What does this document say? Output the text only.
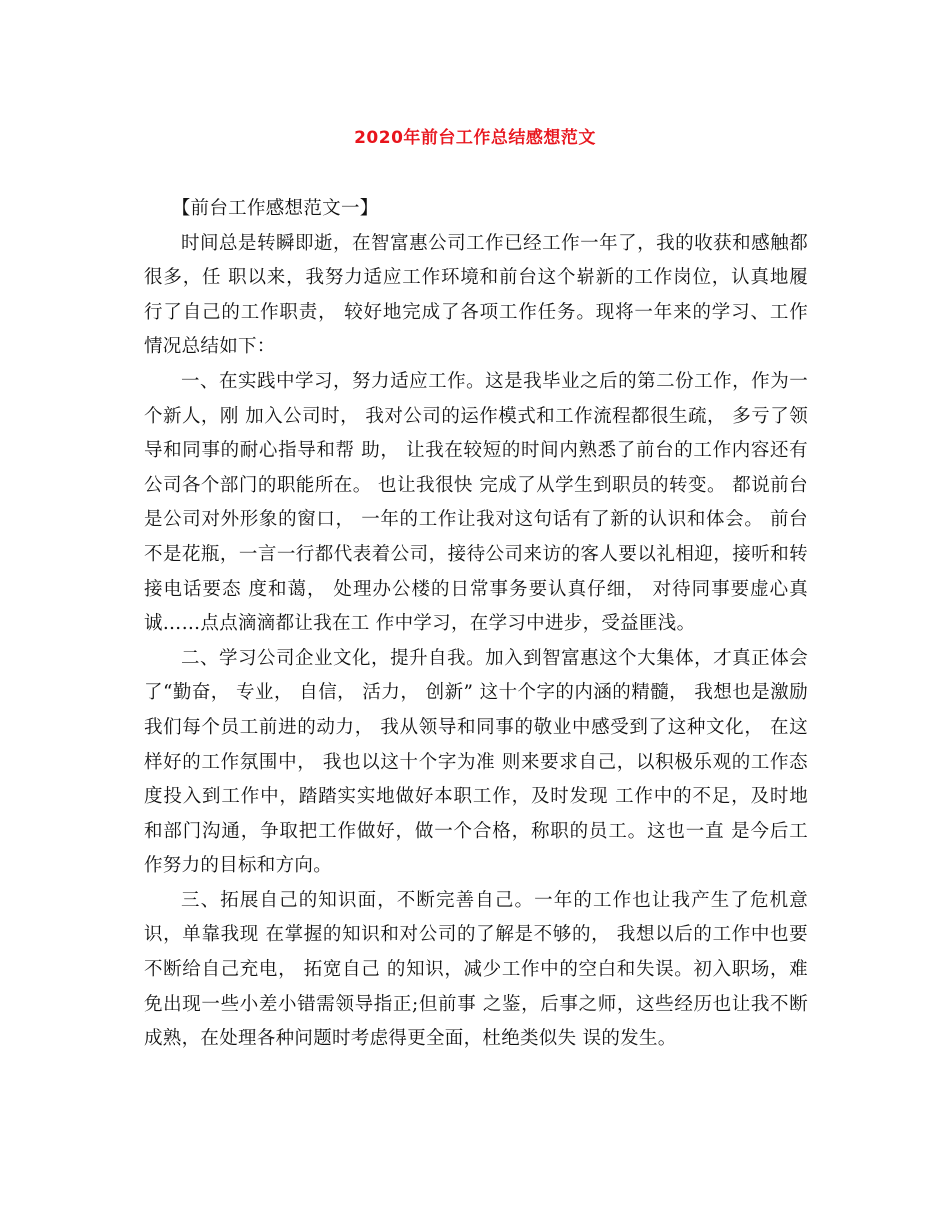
2020年前台工作总结感想范文

【前台工作感想范文一】

时间总是转瞬即逝，在智富惠公司工作已经工作一年了，我的收获和感触都很多，任 职以来，我努力适应工作环境和前台这个崭新的工作岗位，认真地履行了自己的工作职责， 较好地完成了各项工作任务。现将一年来的学习、工作情况总结如下：

一、在实践中学习，努力适应工作。这是我毕业之后的第二份工作，作为一个新人，刚 加入公司时， 我对公司的运作模式和工作流程都很生疏， 多亏了领导和同事的耐心指导和帮 助， 让我在较短的时间内熟悉了前台的工作内容还有公司各个部门的职能所在。 也让我很快 完成了从学生到职员的转变。 都说前台是公司对外形象的窗口， 一年的工作让我对这句话有了新的认识和体会。 前台不是花瓶，一言一行都代表着公司，接待公司来访的客人要以礼相迎，接听和转接电话要态 度和蔼， 处理办公楼的日常事务要认真仔细， 对待同事要虚心真诚……点点滴滴都让我在工 作中学习，在学习中进步，受益匪浅。

二、学习公司企业文化，提升自我。加入到智富惠这个大集体，才真正体会了“勤奋， 专业， 自信， 活力， 创新” 这十个字的内涵的精髓， 我想也是激励我们每个员工前进的动力， 我从领导和同事的敬业中感受到了这种文化， 在这样好的工作氛围中， 我也以这十个字为准 则来要求自己，以积极乐观的工作态度投入到工作中，踏踏实实地做好本职工作，及时发现 工作中的不足，及时地和部门沟通，争取把工作做好，做一个合格，称职的员工。这也一直 是今后工作努力的目标和方向。

三、拓展自己的知识面，不断完善自己。一年的工作也让我产生了危机意识，单靠我现 在掌握的知识和对公司的了解是不够的， 我想以后的工作中也要不断给自己充电， 拓宽自己 的知识，减少工作中的空白和失误。初入职场，难免出现一些小差小错需领导指正;但前事 之鉴，后事之师，这些经历也让我不断成熟，在处理各种问题时考虑得更全面，杜绝类似失 误的发生。
